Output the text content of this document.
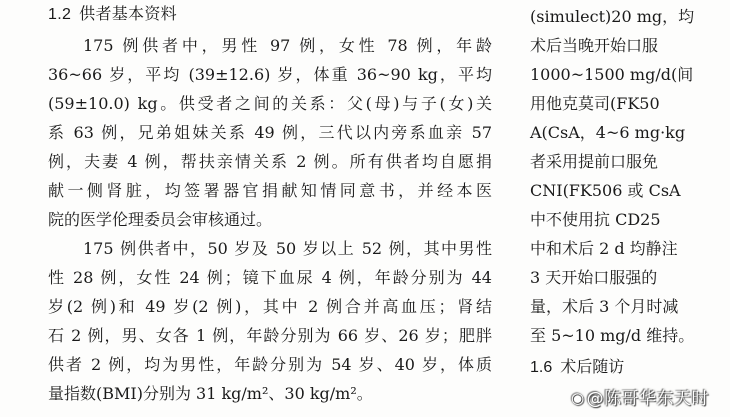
1.2 供者基本资料
175 例供者中，男性 97 例，女性 78 例，年龄
36~66 岁，平均 (39±12.6) 岁，体重 36~90 kg，平均
(59±10.0) kg。供受者之间的关系：父(母)与子(女)关
系 63 例，兄弟姐妹关系 49 例，三代以内旁系血亲 57
例，夫妻 4 例，帮扶亲情关系 2 例。所有供者均自愿捐
献一侧肾脏，均签署器官捐献知情同意书，并经本医
院的医学伦理委员会审核通过。
175 例供者中，50 岁及 50 岁以上 52 例，其中男性
性 28 例，女性 24 例；镜下血尿 4 例，年龄分别为 44
岁(2 例)和 49 岁(2 例)，其中 2 例合并高血压；肾结
石 2 例，男、女各 1 例，年龄分别为 66 岁、26 岁；肥胖
供者 2 例，均为男性，年龄分别为 54 岁、40 岁，体质
量指数(BMI)分别为 31 kg/m²、30 kg/m²。
(simulect)20 mg，均
术后当晚开始口服
1000~1500 mg/d(间
用他克莫司(FK50
A(CsA，4~6 mg·kg
者采用提前口服免
CNI(FK506 或 CsA
中不使用抗 CD25
中和术后 2 d 均静注
3 天开始口服强的
量，术后 3 个月时减
至 5~10 mg/d 维持。
1.6 术后随访
◉ @陈哥华东天时
